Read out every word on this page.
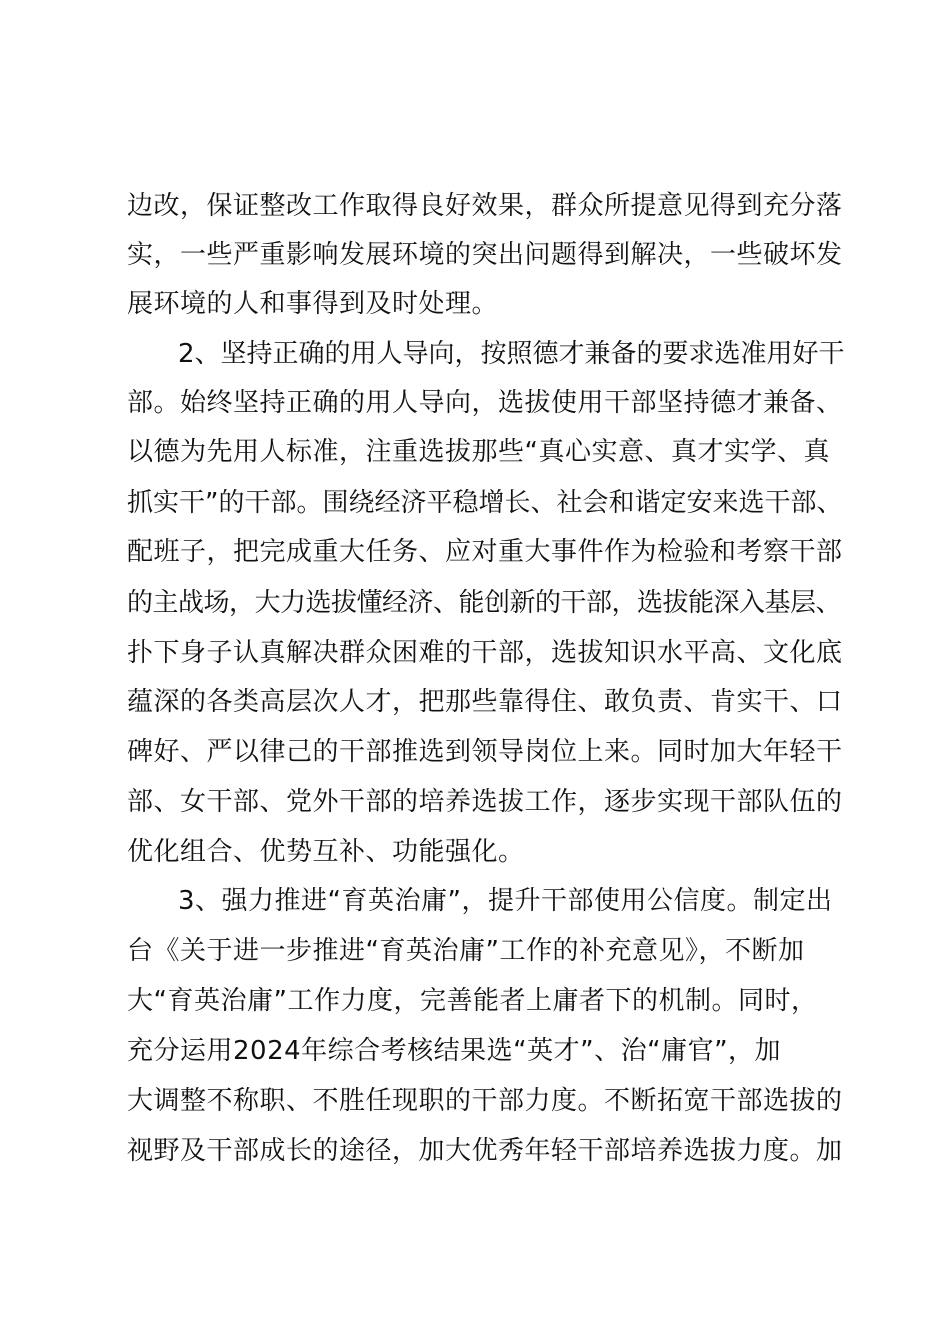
边改，保证整改工作取得良好效果，群众所提意见得到充分落
实，一些严重影响发展环境的突出问题得到解决，一些破坏发
展环境的人和事得到及时处理。
2、坚持正确的用人导向，按照德才兼备的要求选准用好干
部。始终坚持正确的用人导向，选拔使用干部坚持德才兼备、
以德为先用人标准，注重选拔那些“真心实意、真才实学、真
抓实干”的干部。围绕经济平稳增长、社会和谐定安来选干部、
配班子，把完成重大任务、应对重大事件作为检验和考察干部
的主战场，大力选拔懂经济、能创新的干部，选拔能深入基层、
扑下身子认真解决群众困难的干部，选拔知识水平高、文化底
蕴深的各类高层次人才，把那些靠得住、敢负责、肯实干、口
碑好、严以律己的干部推选到领导岗位上来。同时加大年轻干
部、女干部、党外干部的培养选拔工作，逐步实现干部队伍的
优化组合、优势互补、功能强化。
3、强力推进“育英治庸”，提升干部使用公信度。制定出
台《关于进一步推进“育英治庸”工作的补充意见》，不断加
大“育英治庸”工作力度，完善能者上庸者下的机制。同时，
充分运用2024年综合考核结果选“英才”、治“庸官”，加
大调整不称职、不胜任现职的干部力度。不断拓宽干部选拔的
视野及干部成长的途径，加大优秀年轻干部培养选拔力度。加
